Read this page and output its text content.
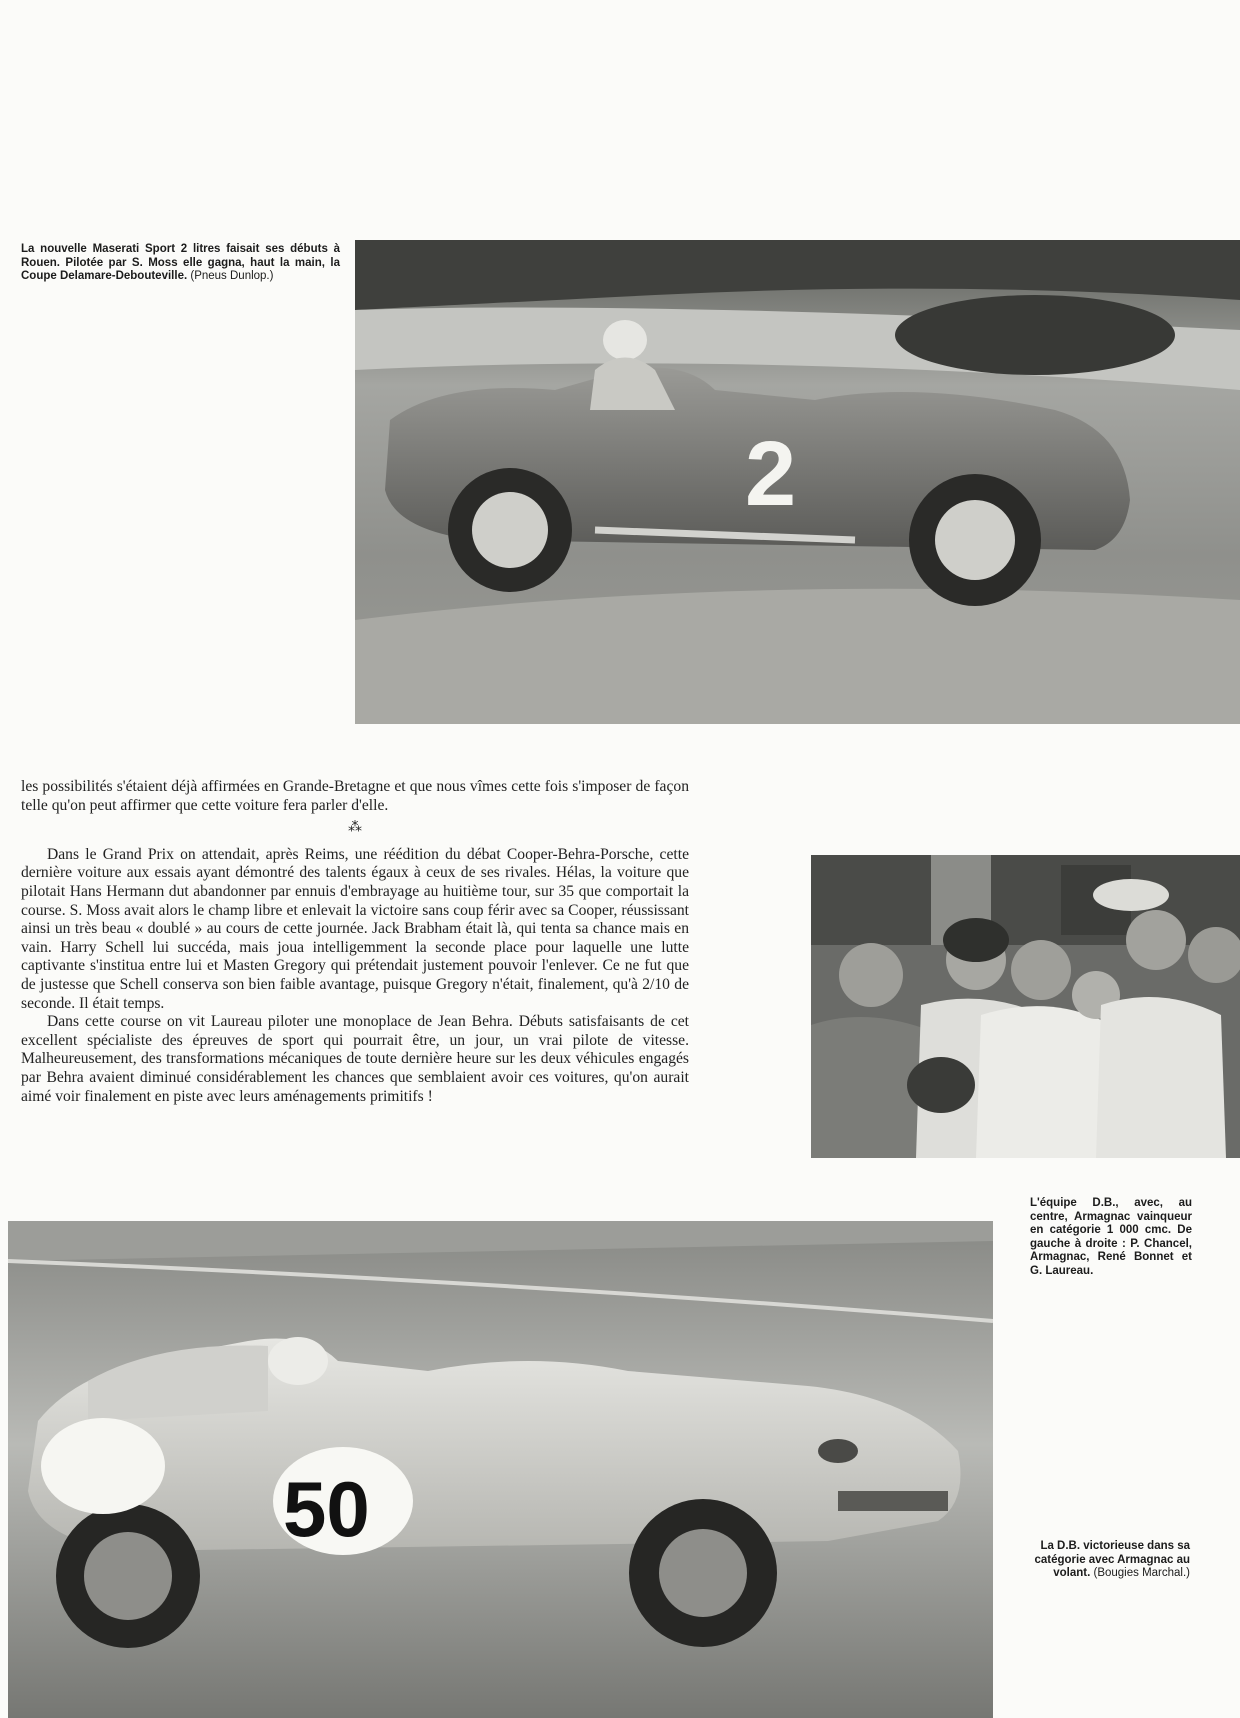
La nouvelle Maserati Sport 2 litres faisait ses débuts à Rouen. Pilotée par S. Moss elle gagna, haut la main, la Coupe Delamare-Debouteville. (Pneus Dunlop.)
2

les possibilités s'étaient déjà affirmées en Grande-Bretagne et que nous vîmes cette fois s'imposer de façon telle qu'on peut affirmer que cette voiture fera parler d'elle.

⁂

Dans le Grand Prix on attendait, après Reims, une réédition du débat Cooper-Behra-Porsche, cette dernière voiture aux essais ayant démontré des talents égaux à ceux de ses rivales. Hélas, la voiture que pilotait Hans Hermann dut abandonner par ennuis d'embrayage au huitième tour, sur 35 que comportait la course. S. Moss avait alors le champ libre et enlevait la victoire sans coup férir avec sa Cooper, réussissant ainsi un très beau « doublé » au cours de cette journée. Jack Brabham était là, qui tenta sa chance mais en vain. Harry Schell lui succéda, mais joua intelligemment la seconde place pour laquelle une lutte captivante s'institua entre lui et Masten Gregory qui prétendait justement pouvoir l'enlever. Ce ne fut que de justesse que Schell conserva son bien faible avantage, puisque Gregory n'était, finalement, qu'à 2/10 de seconde. Il était temps.

Dans cette course on vit Laureau piloter une monoplace de Jean Behra. Débuts satisfaisants de cet excellent spécialiste des épreuves de sport qui pourrait être, un jour, un vrai pilote de vitesse. Malheureusement, des transformations mécaniques de toute dernière heure sur les deux véhicules engagés par Behra avaient diminué considérablement les chances que semblaient avoir ces voitures, qu'on aurait aimé voir finalement en piste avec leurs aménagements primitifs !

L'équipe D.B., avec, au centre, Armagnac vainqueur en catégorie 1 000 cmc. De gauche à droite : P. Chancel, Armagnac, René Bonnet et G. Laureau.
50	La D.B. victorieuse dans sa catégorie avec Armagnac au volant. (Bougies Marchal.)
